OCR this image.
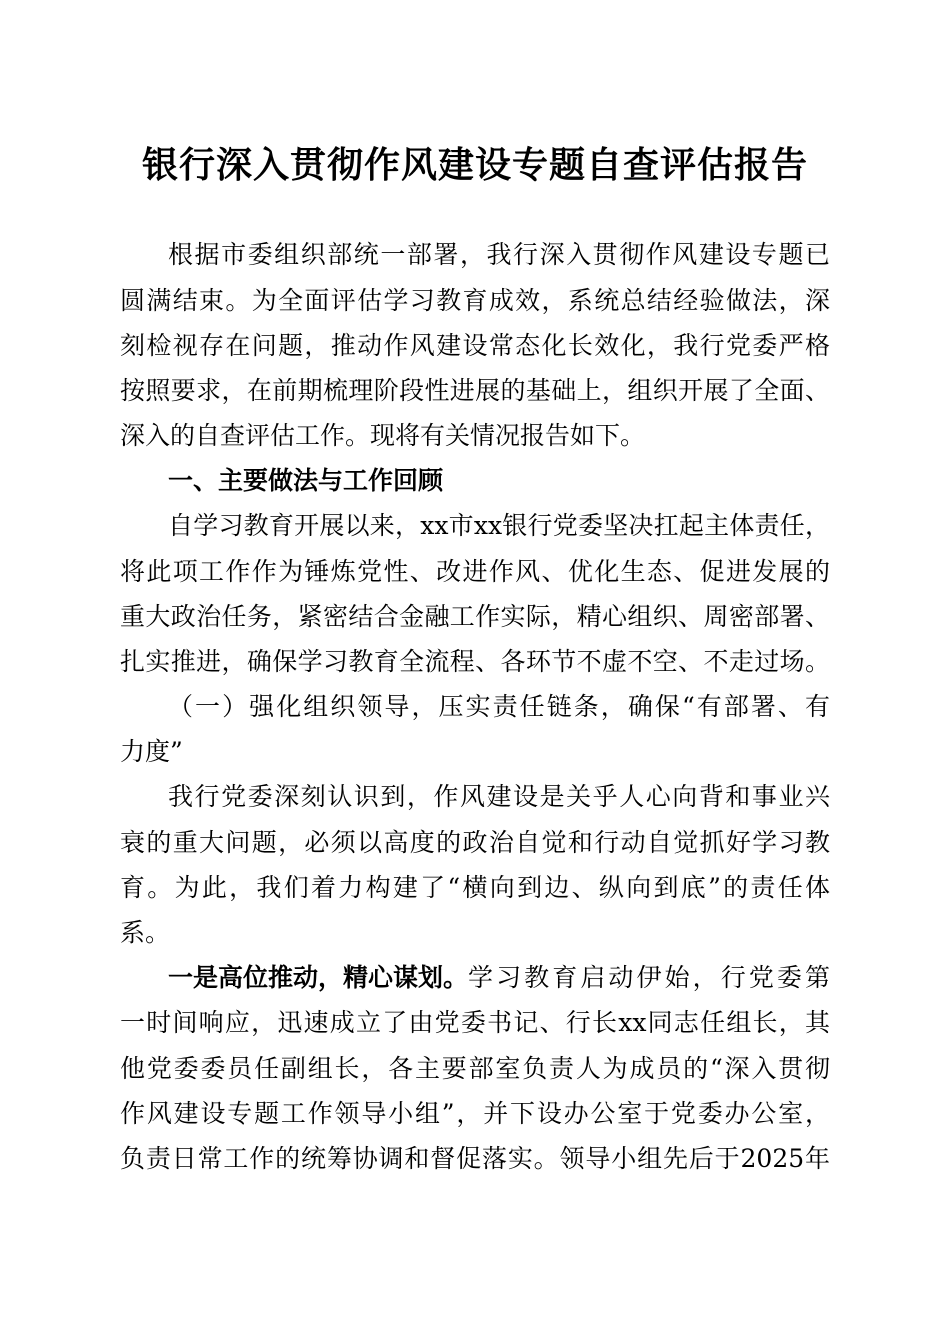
银行深入贯彻作风建设专题自查评估报告
根据市委组织部统一部署，我行深入贯彻作风建设专题已
圆满结束。为全面评估学习教育成效，系统总结经验做法，深
刻检视存在问题，推动作风建设常态化长效化，我行党委严格
按照要求，在前期梳理阶段性进展的基础上，组织开展了全面、
深入的自查评估工作。现将有关情况报告如下。
一、主要做法与工作回顾
自学习教育开展以来，xx市xx银行党委坚决扛起主体责任，
将此项工作作为锤炼党性、改进作风、优化生态、促进发展的
重大政治任务，紧密结合金融工作实际，精心组织、周密部署、
扎实推进，确保学习教育全流程、各环节不虚不空、不走过场。
（一）强化组织领导，压实责任链条，确保“有部署、有
力度”
我行党委深刻认识到，作风建设是关乎人心向背和事业兴
衰的重大问题，必须以高度的政治自觉和行动自觉抓好学习教
育。为此，我们着力构建了“横向到边、纵向到底”的责任体
系。
一是高位推动，精心谋划。 学习教育启动伊始，行党委第
一时间响应，迅速成立了由党委书记、行长xx同志任组长，其
他党委委员任副组长，各主要部室负责人为成员的“深入贯彻
作风建设专题工作领导小组”，并下设办公室于党委办公室，
负责日常工作的统筹协调和督促落实。领导小组先后于2025年
